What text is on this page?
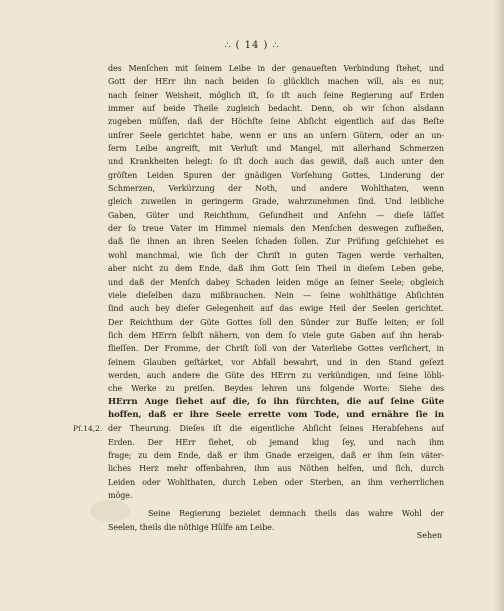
∴ ( 14 ) ∴
Pſ.14,2.
des Menſchen mit ſeinem Leibe in der genaueſten Verbindung ſtehet, und
Gott der HErr ihn nach beiden ſo glücklich machen will, als es nur,
nach ſeiner Weisheit, möglich iſt, ſo iſt auch ſeine Regierung auf Erden
immer auf beide Theile zugleich bedacht. Denn, ob wir ſchon alsdann
zugeben müſſen, daß der Höchſte ſeine Abſicht eigentlich auf das Beſte
unſrer Seele gerichtet habe, wenn er uns an unſern Gütern, oder an un-
ſerm Leibe angreift, mit Verluſt und Mangel, mit allerhand Schmerzen
und Krankheiten belegt: ſo iſt doch auch das gewiß, daß auch unter den
gröſten Leiden Spuren der gnädigen Vorſehung Gottes, Linderung der
Schmerzen, Verkürzung der Noth, und andere Wohlthaten, wenn
gleich zuweilen in geringerm Grade, wahrzunehmen ſind. Und leibliche
Gaben, Güter und Reichthum, Geſundheit und Anſehn — dieſe läſſet
der ſo treue Vater im Himmel niemals den Menſchen deswegen zufließen,
daß ſie ihnen an ihren Seelen ſchaden ſollen. Zur Prüfung geſchiehet es
wohl manchmal, wie ſich der Chriſt in guten Tagen werde verhalten,
aber nicht zu dem Ende, daß ihm Gott ſein Theil in dieſem Leben gebe,
und daß der Menſch dabey Schaden leiden möge an ſeiner Seele; obgleich
viele dieſelben dazu mißbrauchen. Nein — ſeine wohlthätige Abſichten
ſind auch bey dieſer Gelegenheit auf das ewige Heil der Seelen gerichtet.
Der Reichthum der Güte Gottes ſoll den Sünder zur Buſſe leiten; er ſoll
ſich dem HErrn ſelbſt nähern, von dem ſo viele gute Gaben auf ihn herab-
flieſſen. Der Fromme, der Chriſt ſoll von der Vaterliebe Gottes verſichert, in
ſeinem Glauben geſtärket, vor Abfall bewahrt, und in den Stand geſezt
werden, auch andere die Güte des HErrn zu verkündigen, und ſeine löbli-
che Werke zu preiſen. Beydes lehren uns folgende Worte: Siehe des
HErrn Auge ſiehet auf die, ſo ihn fürchten, die auf ſeine Güte
hoffen, daß er ihre Seele errette vom Tode, und ernähre ſie in
der Theurung. Dieſes iſt die eigentliche Abſicht ſeines Herabſehens auf
Erden. Der HErr ſiehet, ob jemand klug ſey, und nach ihm
frage; zu dem Ende, daß er ihm Gnade erzeigen, daß er ihm ſein väter-
liches Herz mehr offenbahren, ihm aus Nöthen helfen, und ſich, durch
Leiden oder Wohlthaten, durch Leben oder Sterben, an ihm verherrlichen
möge.
Seine Regierung bezielet demnach theils das wahre Wohl der
Seelen, theils die nöthige Hülfe am Leibe.
Sehen
